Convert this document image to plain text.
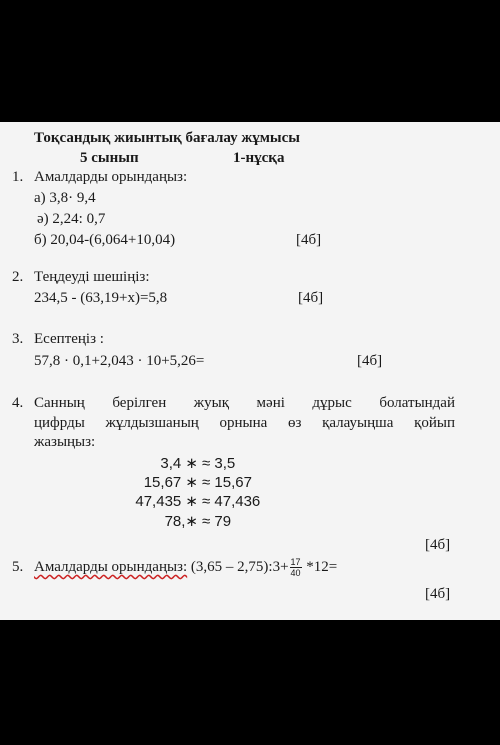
Тоқсандық жиынтық бағалау жұмысы
5 сынып	1-нұсқа
1. Амалдарды орындаңыз:
а) 3,8· 9,4
ә) 2,24: 0,7
б) 20,04-(6,064+10,04)	[4б]
2. Теңдеуді шешіңіз:
234,5 - (63,19+х)=5,8	[4б]
3. Есептеңіз :
57,8 · 0,1+2,043 · 10+5,26=	[4б]
4. Санның берілген жуық мәні дұрыс болатындай
цифрды жұлдызшаның орнына өз қалауыңша қойып
жазыңыз:
3,4 ∗ ≈ 3,5
15,67 ∗ ≈ 15,67
47,435 ∗ ≈ 47,436
78,∗ ≈ 79
[4б]
5. Амалдарды орындаңыз: (3,65 – 2,75):3+ $\frac{17}{40} *12=$
[4б]
